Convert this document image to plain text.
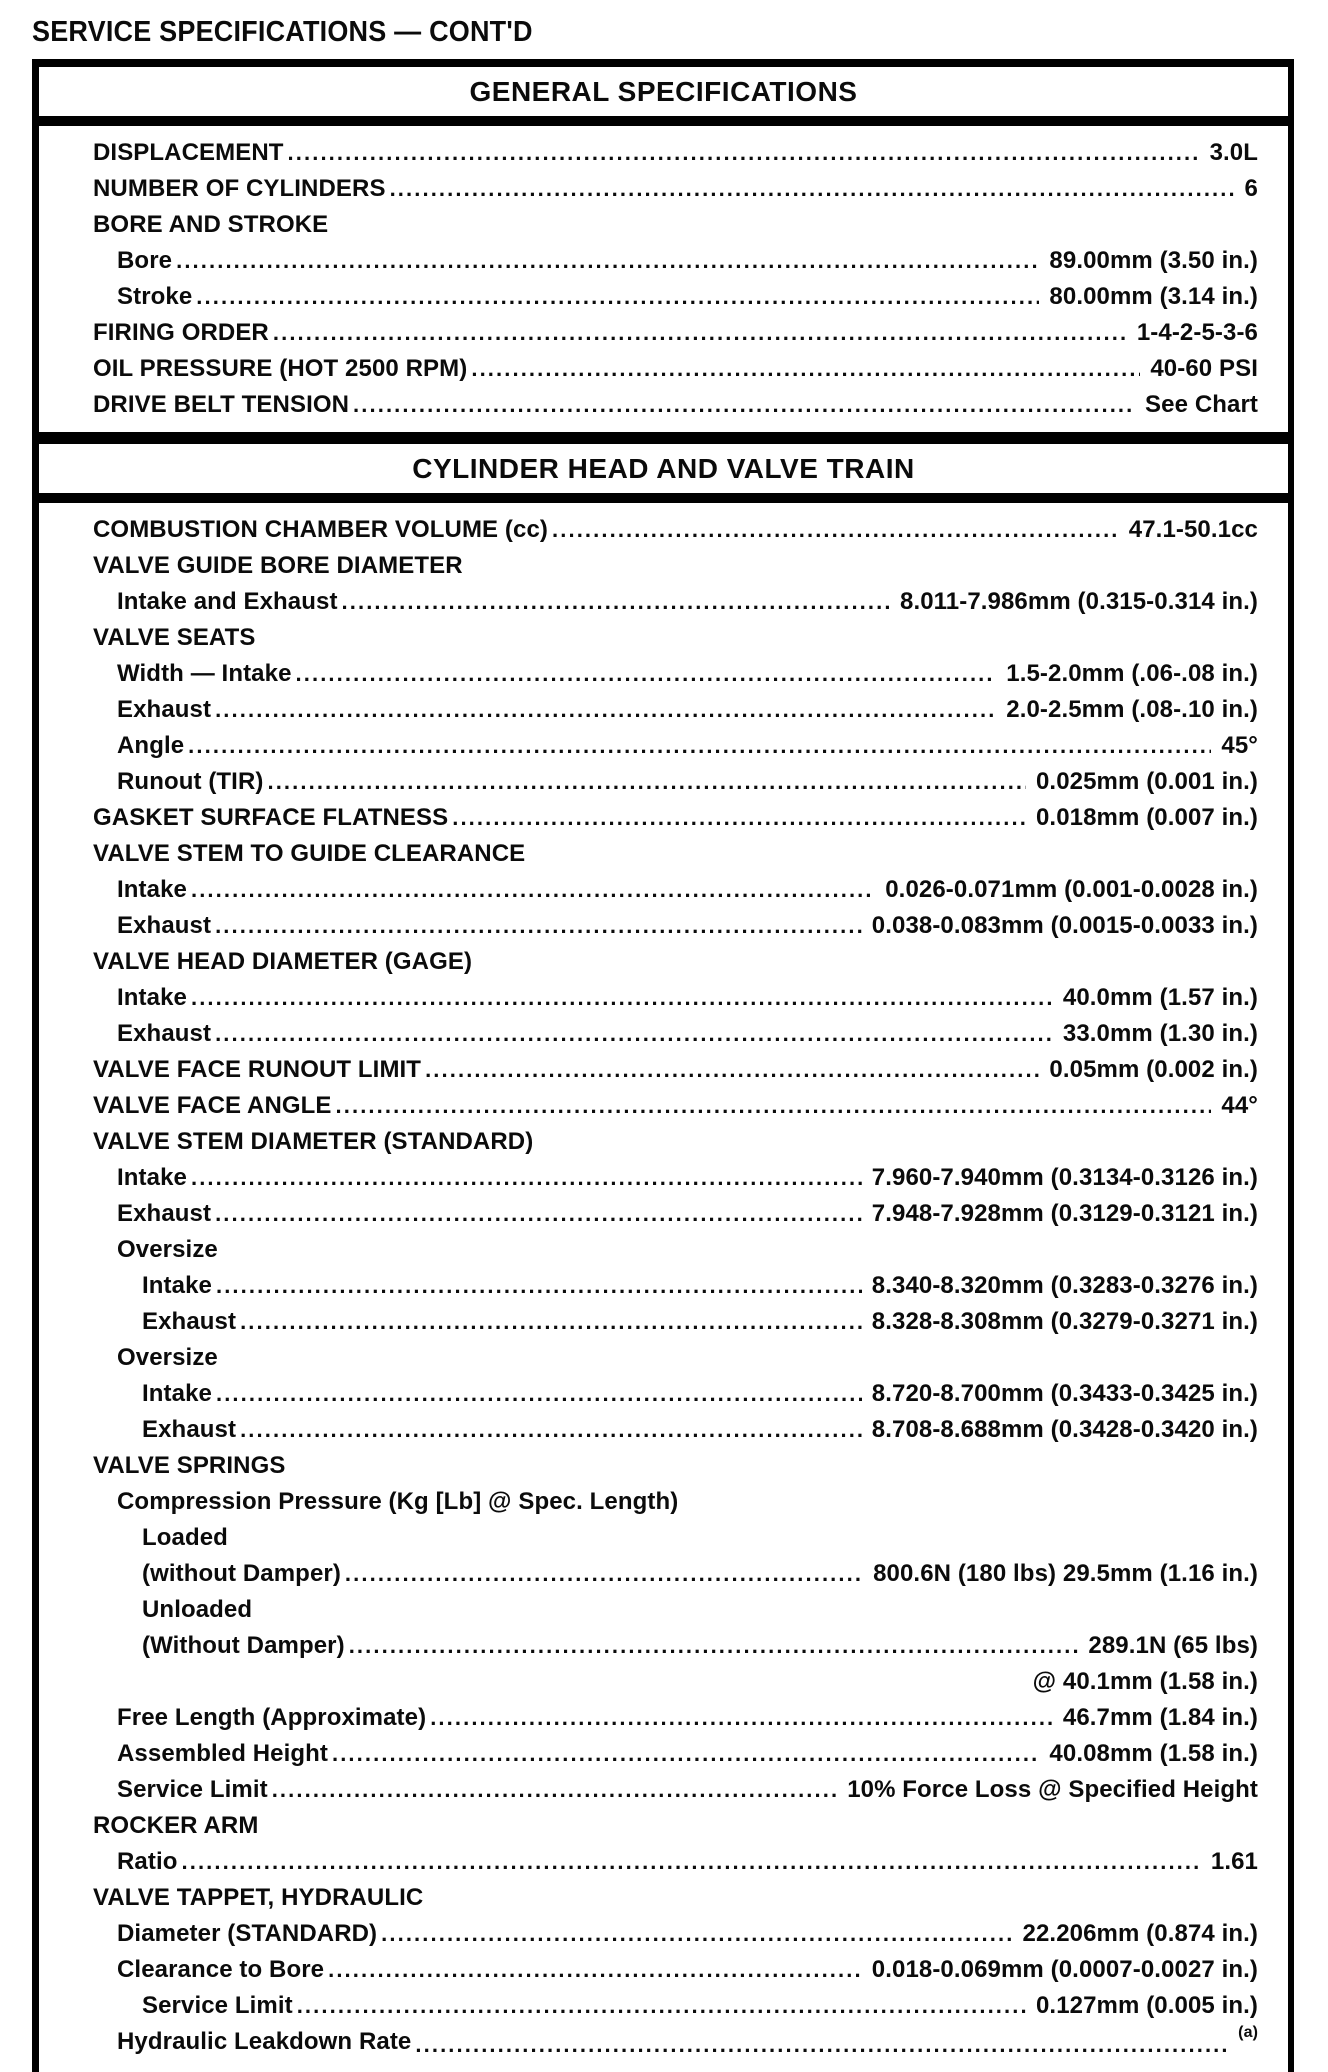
SERVICE SPECIFICATIONS — CONT'D
GENERAL SPECIFICATIONS
DISPLACEMENT . . .	3.0L
NUMBER OF CYLINDERS . . .	6
BORE AND STROKE
Bore . . .	89.00mm (3.50 in.)
Stroke . . .	80.00mm (3.14 in.)
FIRING ORDER . . .	1-4-2-5-3-6
OIL PRESSURE (HOT 2500 RPM) . . .	40-60 PSI
DRIVE BELT TENSION . . .	See Chart
CYLINDER HEAD AND VALVE TRAIN
COMBUSTION CHAMBER VOLUME (cc) . . .	47.1-50.1cc
VALVE GUIDE BORE DIAMETER
Intake and Exhaust . . .	8.011-7.986mm (0.315-0.314 in.)
VALVE SEATS
Width — Intake . . .	1.5-2.0mm (.06-.08 in.)
Exhaust . . .	2.0-2.5mm (.08-.10 in.)
Angle . . .	45°
Runout (TIR) . . .	0.025mm (0.001 in.)
GASKET SURFACE FLATNESS . . .	0.018mm (0.007 in.)
VALVE STEM TO GUIDE CLEARANCE
Intake . . .	0.026-0.071mm (0.001-0.0028 in.)
Exhaust . . .	0.038-0.083mm (0.0015-0.0033 in.)
VALVE HEAD DIAMETER (GAGE)
Intake . . .	40.0mm (1.57 in.)
Exhaust . . .	33.0mm (1.30 in.)
VALVE FACE RUNOUT LIMIT . . .	0.05mm (0.002 in.)
VALVE FACE ANGLE . . .	44°
VALVE STEM DIAMETER (STANDARD)
Intake . . .	7.960-7.940mm (0.3134-0.3126 in.)
Exhaust . . .	7.948-7.928mm (0.3129-0.3121 in.)
Oversize
Intake . . .	8.340-8.320mm (0.3283-0.3276 in.)
Exhaust . . .	8.328-8.308mm (0.3279-0.3271 in.)
Oversize
Intake . . .	8.720-8.700mm (0.3433-0.3425 in.)
Exhaust . . .	8.708-8.688mm (0.3428-0.3420 in.)
VALVE SPRINGS
Compression Pressure (Kg [Lb] @ Spec. Length)
Loaded
(without Damper) . . .	800.6N (180 lbs) 29.5mm (1.16 in.)
Unloaded
(Without Damper) . . .	289.1N (65 lbs)
@ 40.1mm (1.58 in.)
Free Length (Approximate) . . .	46.7mm (1.84 in.)
Assembled Height . . .	40.08mm (1.58 in.)
Service Limit . . .	10% Force Loss @ Specified Height
ROCKER ARM
Ratio . . .	1.61
VALVE TAPPET, HYDRAULIC
Diameter (STANDARD) . . .	22.206mm (0.874 in.)
Clearance to Bore . . .	0.018-0.069mm (0.0007-0.0027 in.)
Service Limit . . .	0.127mm (0.005 in.)
Hydraulic Leakdown Rate . . .	(a)
